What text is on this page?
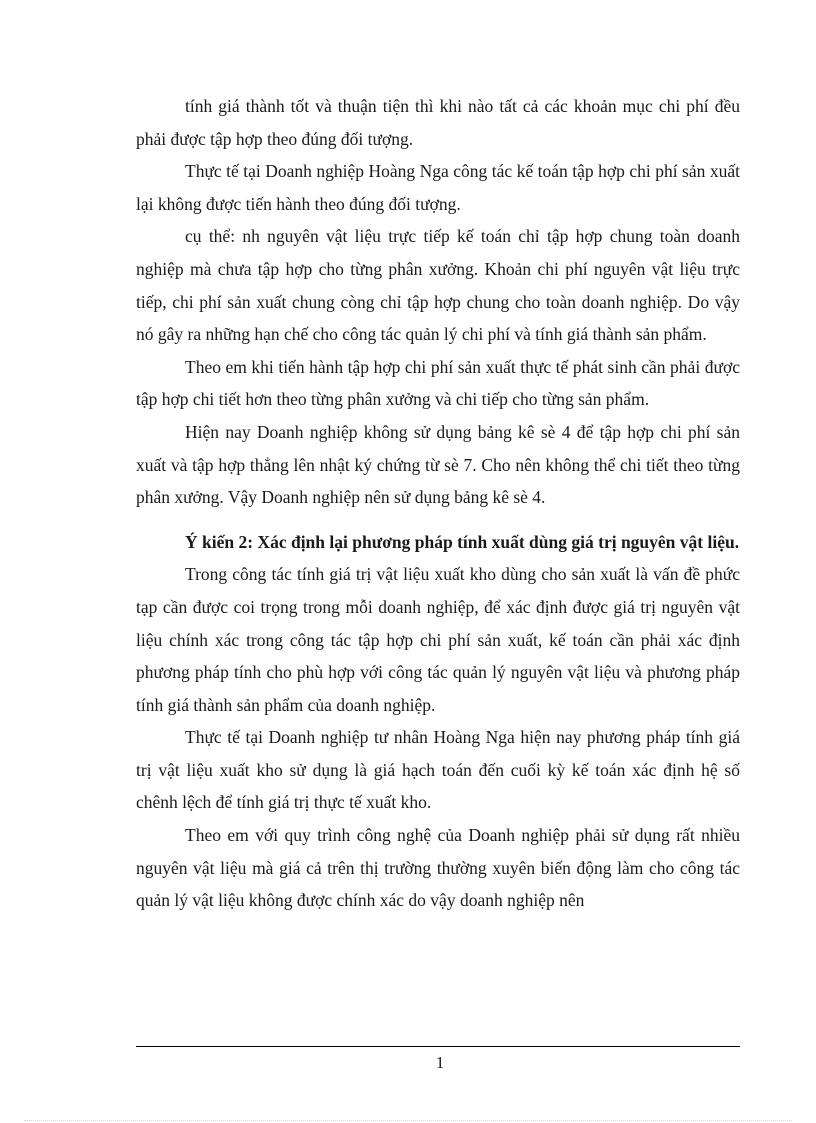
tính giá thành tốt và thuận tiện thì khi nào tất cả các khoản mục chi phí đều phải được tập hợp theo đúng đối tượng.

Thực tế tại Doanh nghiệp Hoàng Nga công tác kế toán tập hợp chi phí sản xuất lại không được tiến hành theo đúng đối tượng.

cụ thể: nh nguyên vật liệu trực tiếp kế toán chỉ tập hợp chung toàn doanh nghiệp mà chưa tập hợp cho từng phân xưởng. Khoản chi phí nguyên vật liệu trực tiếp, chi phí sản xuất chung còng chỉ tập hợp chung cho toàn doanh nghiệp. Do vậy nó gây ra những hạn chế cho công tác quản lý chi phí và tính giá thành sản phẩm.

Theo em khi tiến hành tập hợp chi phí sản xuất thực tế phát sinh cần phải được tập hợp chi tiết hơn theo từng phân xưởng và chi tiếp cho từng sản phẩm.

Hiện nay Doanh nghiệp không sử dụng bảng kê sè 4 để tập hợp chi phí sản xuất và tập hợp thẳng lên nhật ký chứng từ sè 7. Cho nên không thể chi tiết theo từng phân xưởng. Vậy Doanh nghiệp nên sử dụng bảng kê sè 4.

Ý kiến 2: Xác định lại phương pháp tính xuất dùng giá trị nguyên vật liệu.

Trong công tác tính giá trị vật liệu xuất kho dùng cho sản xuất là vấn đề phức tạp cần được coi trọng trong mỗi doanh nghiệp, để xác định được giá trị nguyên vật liệu chính xác trong công tác tập hợp chi phí sản xuất, kế toán cần phải xác định phương pháp tính cho phù hợp với công tác quản lý nguyên vật liệu và phương pháp tính giá thành sản phẩm của doanh nghiệp.

Thực tế tại Doanh nghiệp tư nhân Hoàng Nga hiện nay phương pháp tính giá trị vật liệu xuất kho sử dụng là giá hạch toán đến cuối kỳ kế toán xác định hệ số chênh lệch để tính giá trị thực tế xuất kho.

Theo em với quy trình công nghệ của Doanh nghiệp phải sử dụng rất nhiều nguyên vật liệu mà giá cả trên thị trường thường xuyên biến động làm cho công tác quản lý vật liệu không được chính xác do vậy doanh nghiệp nên

1
